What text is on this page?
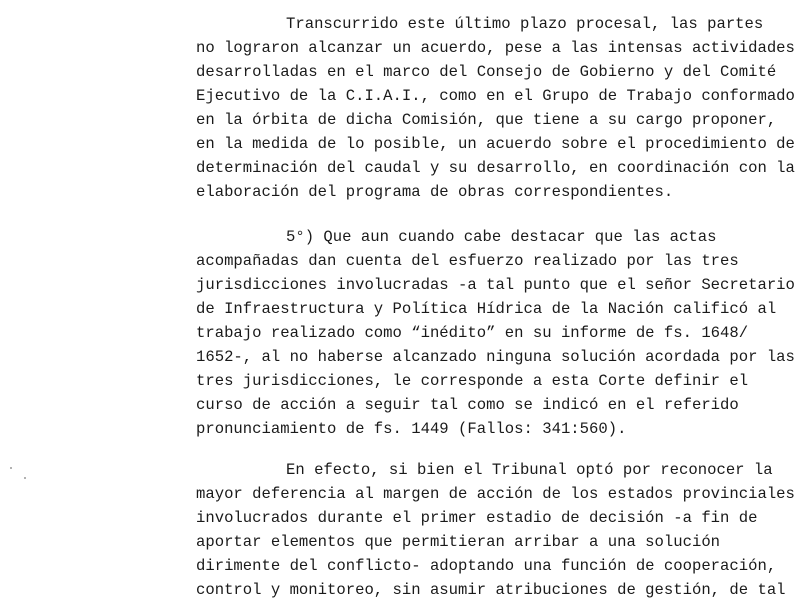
Transcurrido este último plazo procesal, las partes
no lograron alcanzar un acuerdo, pese a las intensas actividades
desarrolladas en el marco del Consejo de Gobierno y del Comité
Ejecutivo de la C.I.A.I., como en el Grupo de Trabajo conformado
en la órbita de dicha Comisión, que tiene a su cargo proponer,
en la medida de lo posible, un acuerdo sobre el procedimiento de
determinación del caudal y su desarrollo, en coordinación con la
elaboración del programa de obras correspondientes.
5°) Que aun cuando cabe destacar que las actas
acompañadas dan cuenta del esfuerzo realizado por las tres
jurisdicciones involucradas -a tal punto que el señor Secretario
de Infraestructura y Política Hídrica de la Nación calificó al
trabajo realizado como “inédito” en su informe de fs. 1648/
1652-, al no haberse alcanzado ninguna solución acordada por las
tres jurisdicciones, le corresponde a esta Corte definir el
curso de acción a seguir tal como se indicó en el referido
pronunciamiento de fs. 1449 (Fallos: 341:560).
En efecto, si bien el Tribunal optó por reconocer la
mayor deferencia al margen de acción de los estados provinciales
involucrados durante el primer estadio de decisión -a fin de
aportar elementos que permitieran arribar a una solución
dirimente del conflicto- adoptando una función de cooperación,
control y monitoreo, sin asumir atribuciones de gestión, de tal
